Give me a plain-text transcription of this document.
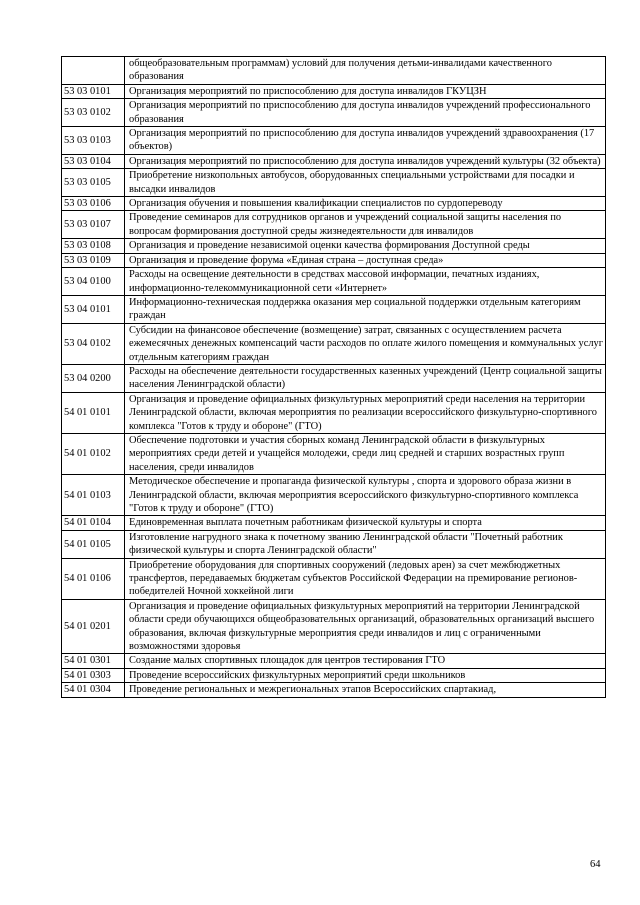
	общеобразовательным программам) условий для получения детьми-инвалидами качественного образования
53 03 0101	Организация мероприятий по приспособлению для доступа инвалидов ГКУЦЗН
53 03 0102	Организация мероприятий по приспособлению для доступа инвалидов учреждений профессионального образования
53 03 0103	Организация мероприятий по приспособлению для доступа инвалидов учреждений здравоохранения (17 объектов)
53 03 0104	Организация мероприятий по приспособлению для доступа инвалидов учреждений культуры (32 объекта)
53 03 0105	Приобретение низкопольных автобусов, оборудованных специальными устройствами для посадки и высадки инвалидов
53 03 0106	Организация обучения и повышения квалификации специалистов по сурдопереводу
53 03 0107	Проведение семинаров для сотрудников органов и учреждений социальной защиты населения по вопросам формирования доступной среды жизнедеятельности для инвалидов
53 03 0108	Организация и проведение независимой оценки качества формирования Доступной среды
53 03 0109	Организация и проведение форума «Единая страна – доступная среда»
53 04 0100	Расходы на освещение деятельности в средствах массовой информации, печатных изданиях, информационно-телекоммуникационной сети «Интернет»
53 04 0101	Информационно-техническая поддержка оказания мер социальной поддержки отдельным категориям граждан
53 04 0102	Субсидии на финансовое обеспечение (возмещение) затрат, связанных с осуществлением расчета ежемесячных денежных компенсаций части расходов по оплате жилого помещения и коммунальных услуг отдельным категориям граждан
53 04 0200	Расходы на обеспечение деятельности государственных казенных учреждений (Центр социальной защиты населения Ленинградской области)
54 01 0101	Организация и проведение официальных физкультурных мероприятий среди населения на территории Ленинградской области, включая мероприятия по реализации всероссийского физкультурно-спортивного комплекса "Готов к труду и обороне" (ГТО)
54 01 0102	Обеспечение подготовки и участия сборных команд Ленинградской области в физкультурных мероприятиях среди детей и учащейся молодежи, среди лиц средней и старших возрастных групп населения, среди инвалидов
54 01 0103	Методическое обеспечение и пропаганда физической культуры , спорта и здорового образа жизни в Ленинградской области, включая мероприятия всероссийского физкультурно-спортивного комплекса "Готов к труду и обороне" (ГТО)
54 01 0104	Единовременная выплата почетным работникам физической культуры и спорта
54 01 0105	Изготовление нагрудного знака к почетному званию Ленинградской области "Почетный работник физической культуры и спорта Ленинградской области"
54 01 0106	Приобретение оборудования для спортивных сооружений (ледовых арен) за счет межбюджетных трансфертов, передаваемых бюджетам субъектов Российской Федерации на премирование регионов- победителей Ночной хоккейной лиги
54 01 0201	Организация и проведение официальных физкультурных мероприятий на территории Ленинградской области среди обучающихся общеобразовательных организаций, образовательных организаций высшего образования, включая физкультурные мероприятия среди инвалидов и лиц с ограниченными возможностями здоровья
54 01 0301	Создание малых спортивных площадок для центров тестирования ГТО
54 01 0303	Проведение всероссийских физкультурных мероприятий среди школьников
54 01 0304	Проведение региональных и межрегиональных этапов Всероссийских спартакиад,
64
